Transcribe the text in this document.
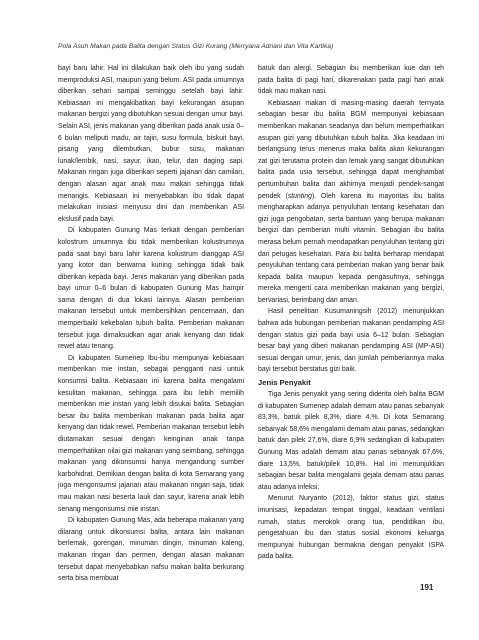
Pola Asuh Makan pada Balita dengan Status Gizi Kurang (Merryana Adriani dan Vita Kartika)

bayi baru lahir. Hal ini dilakukan baik oleh ibu yang sudah memproduksi ASI, maupun yang belum. ASI pada umumnya diberikan sehari sampai seminggu setelah bayi lahir. Kebiasaan ini mengakibatkan bayi kekurangan asupan makanan bergizi yang dibutuhkan sesuai dengan umur bayi. Selain ASI, jenis makanan yang diberikan pada anak usia 0–6 bulan meliputi madu, air tajin, susu formula, biskuit bayi, pisang yang dilembutkan, bubur susu, makanan lunak/lembik, nasi, sayur, ikan, telur, dan daging sapi. Makanan ringan juga diberikan seperti jajanan dan camilan, dengan alasan agar anak mau makan sehingga tidak menangis. Kebiasaan ini menyebabkan ibu tidak dapat melakukan inisiasi menyusu dini dan memberikan ASI ekslusif pada bayi.

Di kabupaten Gunung Mas terkait dengan pemberian kolostrum umumnya ibu tidak memberikan kolustrumnya pada saat bayi baru lahir karena kolustrum dianggap ASI yang kotor dan berwarna kuning sehingga tidak baik diberikan kepada bayi. Jenis makanan yang diberikan pada bayi umur 0–6 bulan di kabupaten Gunung Mas hampir sama dengan di dua lokasi lainnya. Alasan pemberian makanan tersebut untuk membersihkan pencernaan, dan memperbaiki kekebalan tubuh balita. Pemberian makanan tersebut juga dimaksudkan agar anak kenyang dan tidak rewel atau tenang.

Di kabupaten Sumenep Ibu-ibu mempunyai kebiasaan memberikan mie instan, sebagai pengganti nasi untuk konsumsi balita. Kebiasaan ini karena balita mengalami kesulitan makanan, sehingga para ibu lebih memilih memberikan mie instan yang lebih disukai balita. Sebagian besar ibu balita memberikan makanan pada balita agar kenyang dan tidak rewel. Pemberian makanan tersebut lebih diutamakan sesuai dengan keinginan anak tanpa memperhatikan nilai gizi makanan yang seimbang, sehingga makanan yang dikonsumsi hanya mengandung sumber karbohidrat. Demikian dengan balita di kota Semarang yang juga mengonsumsi jajanan atau makanan ringan saja, tidak mau makan nasi beserta lauk dan sayur, karena anak lebih senang mengonsumsi mie instan.

Di kabupaten Gunung Mas, ada beberapa makanan yang dilarang untuk dikonsumsi balita, antara lain makanan berlemak, gorengan, minuman dingin, minuman kaleng, makanan ringan dan permen, dengan alasan makanan tersebut dapat menyebabkan nafsu makan balita berkurang serta bisa membuat

batuk dan alergi. Sebagian ibu memberikan kue dan teh pada balita di pagi hari, dikarenakan pada pagi hari anak tidak mau makan nasi.

Kebiasaan makan di masing-masing daerah ternyata sebagian besar ibu balita BGM mempunyai kebiasaan memberikan makanan seadanya dan belum memperhatikan asupan gizi yang dibutuhkan tubuh balita. Jika keadaan ini berlangsung terus menerus maka balita akan kekurangan zat gizi terutama protein dan lemak yang sangat dibutuhkan balita pada usia tersebut, sehingga dapat menghambat pertumbuhan balita dan akhirnya menjadi pendek-sangat pendek (stunting). Oleh karena itu mayoritas ibu balita mengharapkan adanya penyuluhan tentang kesehatan dan gizi juga pengobatan, serta bantuan yang berupa makanan bergizi dan pemberian multi vitamin. Sebagian ibu balita merasa belum pernah mendapatkan penyuluhan tentang gizi dari petugas kesehatan. Para ibu balita berharap mendapat penyuluhan tentang cara pemberian makan yang benar baik kepada balita maupun kepada pengasuhnya, sehingga mereka mengerti cara memberikan makanan yang bergizi, bervariasi, berimbang dan aman.

Hasil penelitian Kusumaningsih (2012) menunjukkan bahwa ada hubungan pemberian makanan pendamping ASI dengan status gizi pada bayi usia 6–12 bulan. Sebagian besar bayi yang diberi makanan pendamping ASI (MP-ASI) sesuai dengan umur, jenis, dan jumlah pemberiannya maka bayi tersebut berstatus gizi baik.

Jenis Penyakit

Tiga Jenis penyakit yang sering diderita oleh balita BGM di kabupaten Sumenep adalah demam atau panas sebanyak 83,3%, batuk pilek 8,3%, diare 4,%. Di kota Semarang sebanyak 58,6% mengalami demam atau panas, sedangkan batuk dan pilek 27,6%, diare 6,9% sedangkan di kabupaten Gunung Mas adalah demam atau panas sebanyak 67,6%, diare 13,5%, batuk/pilek 10,8%. Hal ini menunjukkan sebagian besar balita mengalami gejala demam atau panas atau adanya infeksi.

Menurut Nuryanto (2012), faktor status gizi, status imunisasi, kepadatan tempat tinggal, keadaan ventilasi rumah, status merokok orang tua, pendidikan ibu, pengetahuan ibu dan status sosial ekonomi keluarga mempunyai hubungan bermakna dengan penyakit ISPA pada balita.

191
